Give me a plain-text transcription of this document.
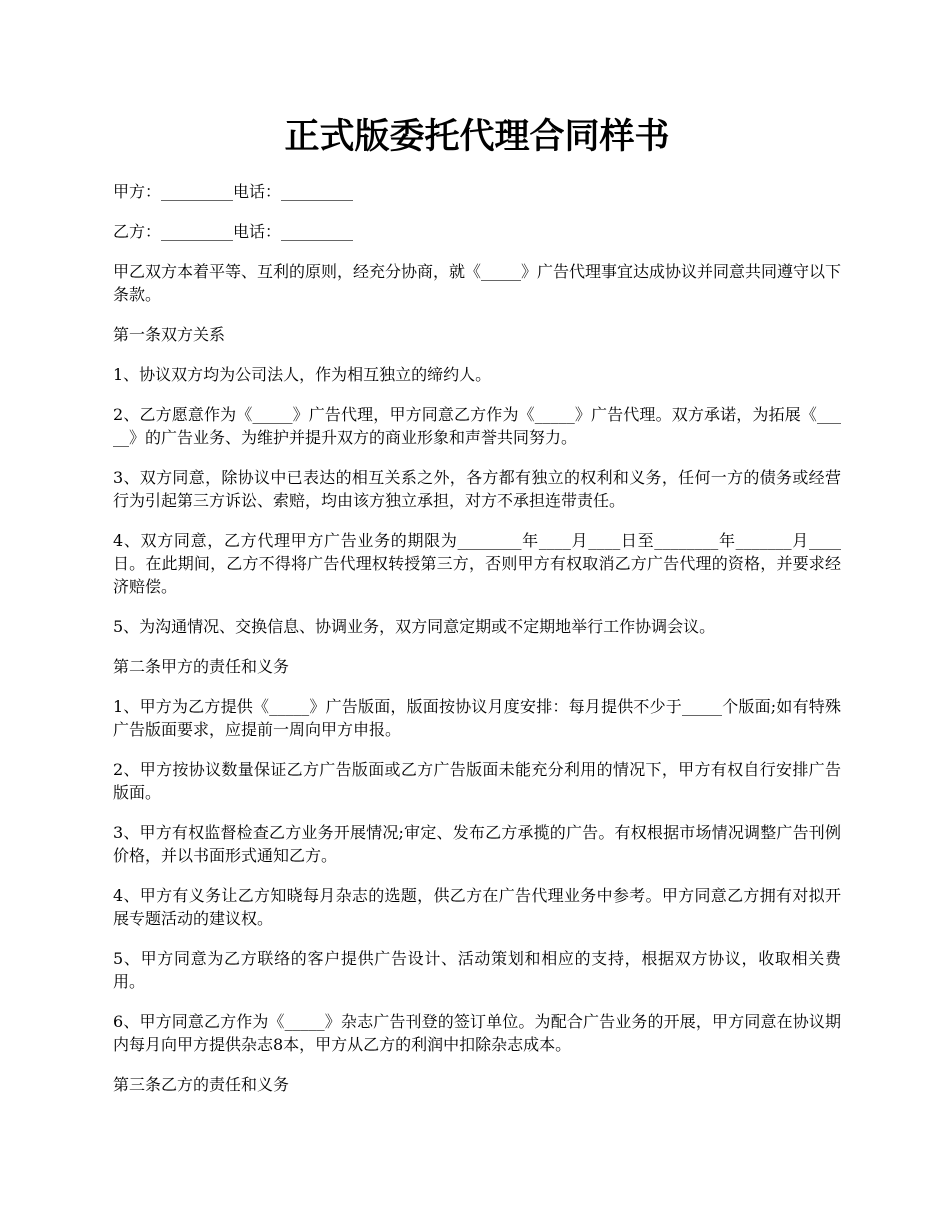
正式版委托代理合同样书

甲方：_________电话：_________

乙方：_________电话：_________

甲乙双方本着平等、互利的原则，经充分协商，就《_____》广告代理事宜达成协议并同意共同遵守以下条款。

第一条双方关系

1、协议双方均为公司法人，作为相互独立的缔约人。

2、乙方愿意作为《_____》广告代理，甲方同意乙方作为《_____》广告代理。双方承诺，为拓展《_____》的广告业务、为维护并提升双方的商业形象和声誉共同努力。

3、双方同意，除协议中已表达的相互关系之外，各方都有独立的权利和义务，任何一方的债务或经营行为引起第三方诉讼、索赔，均由该方独立承担，对方不承担连带责任。

4、双方同意，乙方代理甲方广告业务的期限为________年____月____日至________年_______月____日。在此期间，乙方不得将广告代理权转授第三方，否则甲方有权取消乙方广告代理的资格，并要求经济赔偿。

5、为沟通情况、交换信息、协调业务，双方同意定期或不定期地举行工作协调会议。

第二条甲方的责任和义务

1、甲方为乙方提供《_____》广告版面，版面按协议月度安排：每月提供不少于_____个版面;如有特殊广告版面要求，应提前一周向甲方申报。

2、甲方按协议数量保证乙方广告版面或乙方广告版面未能充分利用的情况下，甲方有权自行安排广告版面。

3、甲方有权监督检查乙方业务开展情况;审定、发布乙方承揽的广告。有权根据市场情况调整广告刊例价格，并以书面形式通知乙方。

4、甲方有义务让乙方知晓每月杂志的选题，供乙方在广告代理业务中参考。甲方同意乙方拥有对拟开展专题活动的建议权。

5、甲方同意为乙方联络的客户提供广告设计、活动策划和相应的支持，根据双方协议，收取相关费用。

6、甲方同意乙方作为《_____》杂志广告刊登的签订单位。为配合广告业务的开展，甲方同意在协议期内每月向甲方提供杂志8本，甲方从乙方的利润中扣除杂志成本。

第三条乙方的责任和义务
